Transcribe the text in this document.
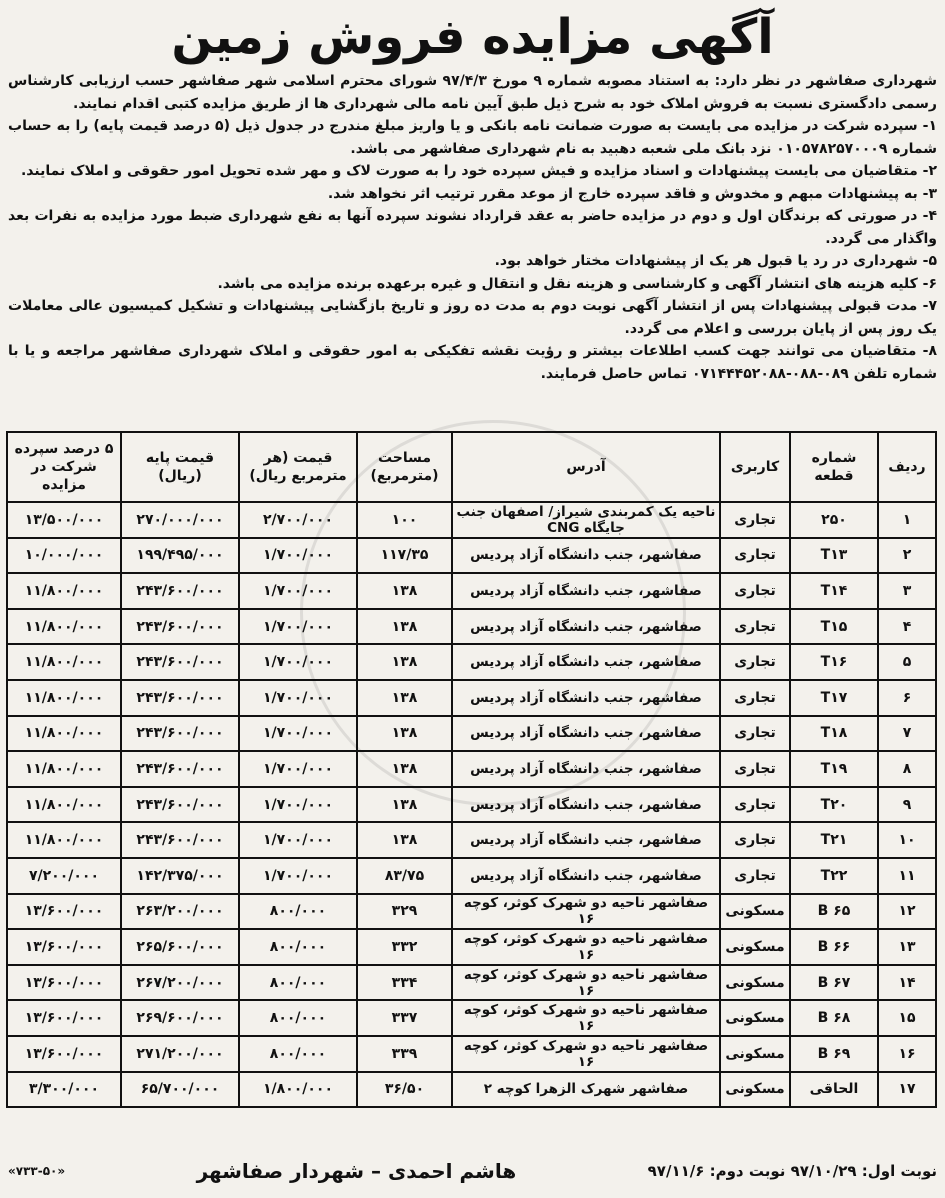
آگهی مزایده فروش زمین

شهرداری صفاشهر در نظر دارد: به استناد مصوبه شماره ۹ مورخ ۹۷/۴/۳ شورای محترم اسلامی شهر صفاشهر حسب ارزیابی کارشناس رسمی دادگستری نسبت به فروش املاک خود به شرح ذیل طبق آیین نامه مالی شهرداری ها از طریق مزایده کتبی اقدام نمایند.

۱- سپرده شرکت در مزایده می بایست به صورت ضمانت نامه بانکی و یا واریز مبلغ مندرج در جدول ذیل (۵ درصد قیمت پایه) را به حساب شماره ۰۱۰۵۷۸۲۵۷۰۰۰۹ نزد بانک ملی شعبه دهبید به نام شهرداری صفاشهر می باشد.

۲- متقاضیان می بایست پیشنهادات و اسناد مزایده و فیش سپرده خود را به صورت لاک و مهر شده تحویل امور حقوقی و املاک نمایند.

۳- به پیشنهادات مبهم و مخدوش و فاقد سپرده خارج از موعد مقرر ترتیب اثر نخواهد شد.

۴- در صورتی که برندگان اول و دوم در مزایده حاضر به عقد قرارداد نشوند سپرده آنها به نفع شهرداری ضبط مورد مزایده به نفرات بعد واگذار می گردد.

۵- شهرداری در رد یا قبول هر یک از پیشنهادات مختار خواهد بود.

۶- کلیه هزینه های انتشار آگهی و کارشناسی و هزینه نقل و انتقال و غیره برعهده برنده مزایده می باشد.

۷- مدت قبولی پیشنهادات پس از انتشار آگهی نوبت دوم به مدت ده روز و تاریخ بازگشایی پیشنهادات و تشکیل کمیسیون عالی معاملات یک روز پس از پایان بررسی و اعلام می گردد.

۸- متقاضیان می توانند جهت کسب اطلاعات بیشتر و رؤیت نقشه تفکیکی به امور حقوقی و املاک شهرداری صفاشهر مراجعه و یا با شماره تلفن ۰۸۹-۰۸۸-۰۷۱۴۴۴۵۲۰۸۸ تماس حاصل فرمایند.

ردیف	شماره قطعه	کاربری	آدرس	مساحت (مترمربع)	قیمت (هر مترمربع ریال)	قیمت پایه (ریال)	۵ درصد سپرده شرکت در مزایده
۱	۲۵۰	تجاری	ناحیه یک کمربندی شیراز/ اصفهان جنب جایگاه CNG	۱۰۰	۲/۷۰۰/۰۰۰	۲۷۰/۰۰۰/۰۰۰	۱۳/۵۰۰/۰۰۰
۲	T۱۳	تجاری	صفاشهر، جنب دانشگاه آزاد پردیس	۱۱۷/۳۵	۱/۷۰۰/۰۰۰	۱۹۹/۴۹۵/۰۰۰	۱۰/۰۰۰/۰۰۰
۳	T۱۴	تجاری	صفاشهر، جنب دانشگاه آزاد پردیس	۱۳۸	۱/۷۰۰/۰۰۰	۲۴۳/۶۰۰/۰۰۰	۱۱/۸۰۰/۰۰۰
۴	T۱۵	تجاری	صفاشهر، جنب دانشگاه آزاد پردیس	۱۳۸	۱/۷۰۰/۰۰۰	۲۴۳/۶۰۰/۰۰۰	۱۱/۸۰۰/۰۰۰
۵	T۱۶	تجاری	صفاشهر، جنب دانشگاه آزاد پردیس	۱۳۸	۱/۷۰۰/۰۰۰	۲۴۳/۶۰۰/۰۰۰	۱۱/۸۰۰/۰۰۰
۶	T۱۷	تجاری	صفاشهر، جنب دانشگاه آزاد پردیس	۱۳۸	۱/۷۰۰/۰۰۰	۲۴۳/۶۰۰/۰۰۰	۱۱/۸۰۰/۰۰۰
۷	T۱۸	تجاری	صفاشهر، جنب دانشگاه آزاد پردیس	۱۳۸	۱/۷۰۰/۰۰۰	۲۴۳/۶۰۰/۰۰۰	۱۱/۸۰۰/۰۰۰
۸	T۱۹	تجاری	صفاشهر، جنب دانشگاه آزاد پردیس	۱۳۸	۱/۷۰۰/۰۰۰	۲۴۳/۶۰۰/۰۰۰	۱۱/۸۰۰/۰۰۰
۹	T۲۰	تجاری	صفاشهر، جنب دانشگاه آزاد پردیس	۱۳۸	۱/۷۰۰/۰۰۰	۲۴۳/۶۰۰/۰۰۰	۱۱/۸۰۰/۰۰۰
۱۰	T۲۱	تجاری	صفاشهر، جنب دانشگاه آزاد پردیس	۱۳۸	۱/۷۰۰/۰۰۰	۲۴۳/۶۰۰/۰۰۰	۱۱/۸۰۰/۰۰۰
۱۱	T۲۲	تجاری	صفاشهر، جنب دانشگاه آزاد پردیس	۸۳/۷۵	۱/۷۰۰/۰۰۰	۱۴۲/۳۷۵/۰۰۰	۷/۲۰۰/۰۰۰
۱۲	B ۶۵	مسکونی	صفاشهر ناحیه دو شهرک کوثر، کوچه ۱۶	۳۲۹	۸۰۰/۰۰۰	۲۶۳/۲۰۰/۰۰۰	۱۳/۶۰۰/۰۰۰
۱۳	B ۶۶	مسکونی	صفاشهر ناحیه دو شهرک کوثر، کوچه ۱۶	۳۳۲	۸۰۰/۰۰۰	۲۶۵/۶۰۰/۰۰۰	۱۳/۶۰۰/۰۰۰
۱۴	B ۶۷	مسکونی	صفاشهر ناحیه دو شهرک کوثر، کوچه ۱۶	۳۳۴	۸۰۰/۰۰۰	۲۶۷/۲۰۰/۰۰۰	۱۳/۶۰۰/۰۰۰
۱۵	B ۶۸	مسکونی	صفاشهر ناحیه دو شهرک کوثر، کوچه ۱۶	۳۳۷	۸۰۰/۰۰۰	۲۶۹/۶۰۰/۰۰۰	۱۳/۶۰۰/۰۰۰
۱۶	B ۶۹	مسکونی	صفاشهر ناحیه دو شهرک کوثر، کوچه ۱۶	۳۳۹	۸۰۰/۰۰۰	۲۷۱/۲۰۰/۰۰۰	۱۳/۶۰۰/۰۰۰
۱۷	الحاقی	مسکونی	صفاشهر شهرک الزهرا کوچه ۲	۳۶/۵۰	۱/۸۰۰/۰۰۰	۶۵/۷۰۰/۰۰۰	۳/۳۰۰/۰۰۰
نوبت اول: ۹۷/۱۰/۲۹ نوبت دوم: ۹۷/۱۱/۶
هاشم احمدی – شهردار صفاشهر
«۷۳۳-۵۰»
